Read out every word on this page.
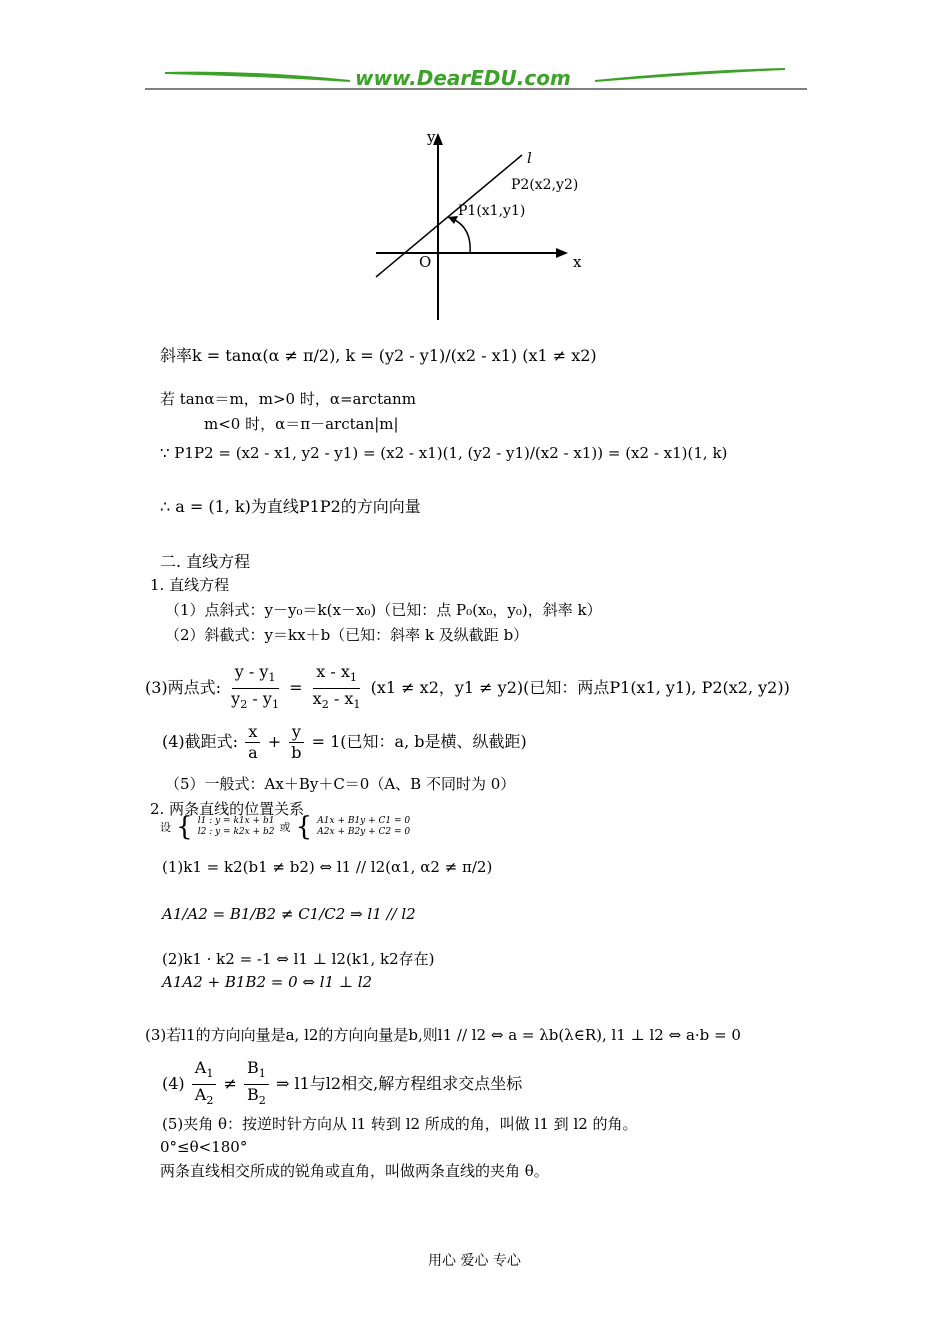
www.DearEDU.com
y
x
O
l
P2(x2,y2)
P1(x1,y1)
斜率k = tanα(α ≠ π/2), k = (y2 - y1)/(x2 - x1) (x1 ≠ x2)
若 tanα＝m，m>0 时，α=arctanm
m<0 时，α＝π－arctan|m|
∵ P1P2 = (x2 - x1, y2 - y1) = (x2 - x1)(1, (y2 - y1)/(x2 - x1)) = (x2 - x1)(1, k)
∴ a = (1, k)为直线P1P2的方向向量
二. 直线方程
1. 直线方程
（1）点斜式：y－y₀＝k(x－x₀)（已知：点 P₀(x₀，y₀)，斜率 k）
（2）斜截式：y＝kx＋b（已知：斜率 k 及纵截距 b）
(3)两点式: $\frac{y - y_1}{y_2 - y_1} = \frac{x - x_1}{x_2 - x_1} (x1 \ne x2$，y1 ≠ y2)(已知：两点P1(x1, y1), P2(x2, y2))
(4)截距式: $\frac{x}{a} + \frac{y}{b} = 1$(已知：a, b是横、纵截距)
（5）一般式：Ax＋By＋C＝0（A、B 不同时为 0）
2. 两条直线的位置关系
设 { l1 : y = k1x + b1
l2 : y = k2x + b2 或 { A1x + B1y + C1 = 0
A2x + B2y + C2 = 0
(1)k1 = k2(b1 ≠ b2) ⇔ l1 // l2(α1, α2 ≠ π/2)
A1/A2 = B1/B2 ≠ C1/C2 ⇒ l1 // l2
(2)k1 · k2 = -1 ⇔ l1 ⊥ l2(k1, k2存在)
A1A2 + B1B2 = 0 ⇔ l1 ⊥ l2
(3)若l1的方向向量是a, l2的方向向量是b,则l1 // l2 ⇔ a = λb(λ∈R), l1 ⊥ l2 ⇔ a·b = 0
$(4) \frac{A_1}{A_2} \ne \frac{B_1}{B_2}$ ⇒ l1与l2相交,解方程组求交点坐标
(5)夹角 θ：按逆时针方向从 l1 转到 l2 所成的角，叫做 l1 到 l2 的角。
0°≤θ<180°
两条直线相交所成的锐角或直角，叫做两条直线的夹角 θ。
用心 爱心 专心
